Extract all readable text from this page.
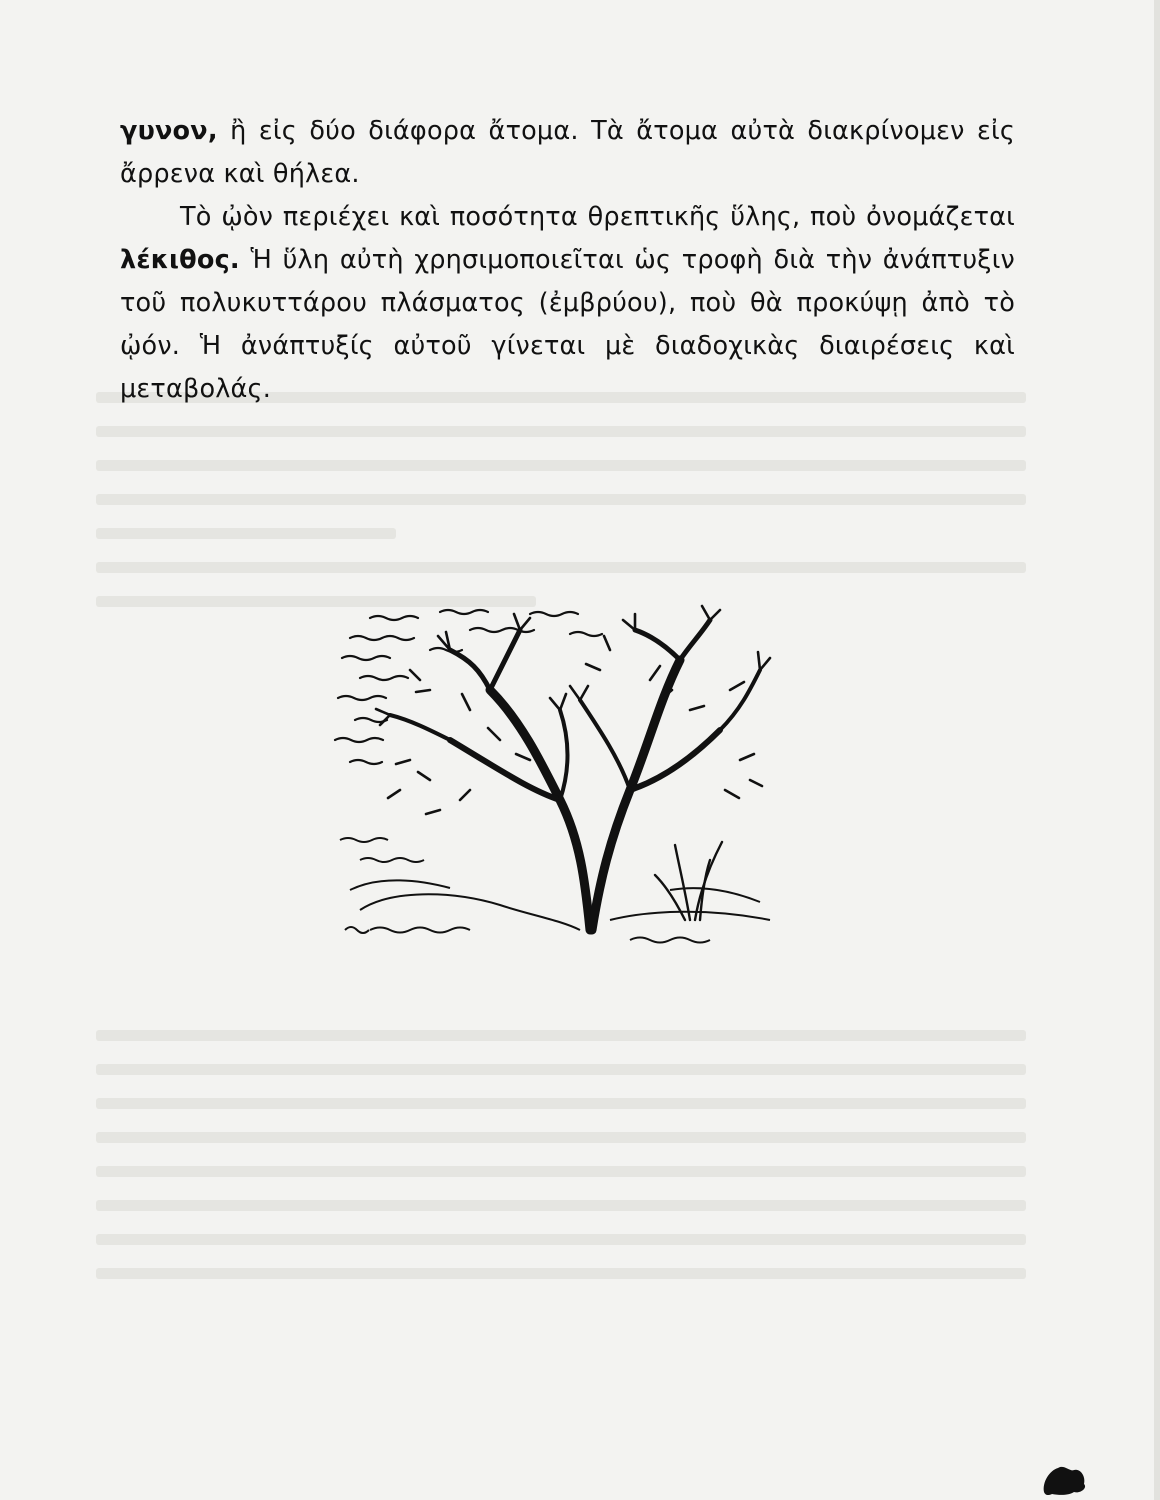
γυνον, ἢ εἰς δύο διάφορα ἄτομα. Τὰ ἄτομα αὐτὰ διακρίνομεν εἰς ἄρρενα καὶ θήλεα.

Τὸ ᾠὸν περιέχει καὶ ποσότητα θρεπτικῆς ὕλης, ποὺ ὀνομάζεται λέκιθος. Ἡ ὕλη αὐτὴ χρησιμοποιεῖται ὡς τροφὴ διὰ τὴν ἀνάπτυξιν τοῦ πολυκυττάρου πλάσματος (ἐμβρύου), ποὺ θὰ προκύψῃ ἀπὸ τὸ ᾠόν. Ἡ ἀνάπτυξίς αὐτοῦ γίνεται μὲ διαδοχικὰς διαιρέσεις καὶ μεταβολάς.
